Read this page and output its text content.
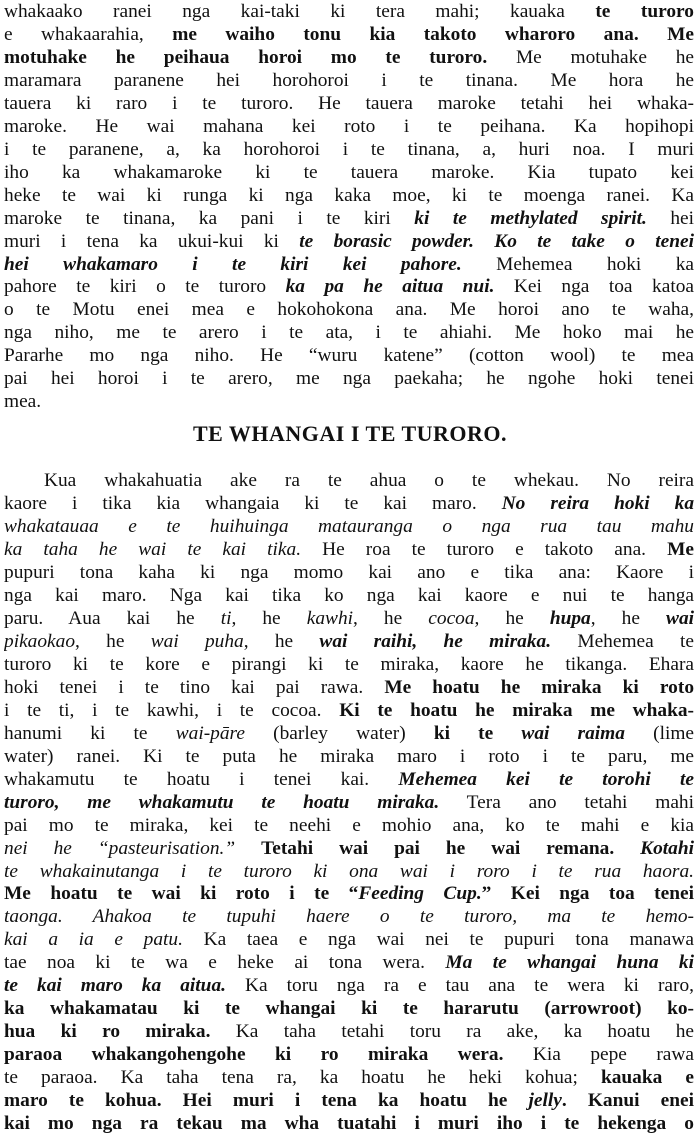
whakaako ranei nga kai-taki ki tera mahi; kauaka te turoro
e whakaarahia, me waiho tonu kia takoto wharoro ana. Me
motuhake he peihaua horoi mo te turoro. Me motuhake he
maramara paranene hei horohoroi i te tinana. Me hora he
tauera ki raro i te turoro. He tauera maroke tetahi hei whaka-
maroke. He wai mahana kei roto i te peihana. Ka hopihopi
i te paranene, a, ka horohoroi i te tinana, a, huri noa. I muri
iho ka whakamaroke ki te tauera maroke. Kia tupato kei
heke te wai ki runga ki nga kaka moe, ki te moenga ranei. Ka
maroke te tinana, ka pani i te kiri ki te methylated spirit. hei
muri i tena ka ukui-kui ki te borasic powder. Ko te take o tenei
hei whakamaro i te kiri kei pahore. Mehemea hoki ka
pahore te kiri o te turoro ka pa he aitua nui. Kei nga toa katoa
o te Motu enei mea e hokohokona ana. Me horoi ano te waha,
nga niho, me te arero i te ata, i te ahiahi. Me hoko mai he
Pararhe mo nga niho. He “wuru katene” (cotton wool) te mea
pai hei horoi i te arero, me nga paekaha; he ngohe hoki tenei
mea.
TE WHANGAI I TE TURORO.
Kua whakahuatia ake ra te ahua o te whekau. No reira
kaore i tika kia whangaia ki te kai maro. No reira hoki ka
whakatauaa e te huihuinga matauranga o nga rua tau mahu
ka taha he wai te kai tika. He roa te turoro e takoto ana. Me
pupuri tona kaha ki nga momo kai ano e tika ana: Kaore i
nga kai maro. Nga kai tika ko nga kai kaore e nui te hanga
paru. Aua kai he ti, he kawhi, he cocoa, he hupa, he wai
pikaokao, he wai puha, he wai raihi, he miraka. Mehemea te
turoro ki te kore e pirangi ki te miraka, kaore he tikanga. Ehara
hoki tenei i te tino kai pai rawa. Me hoatu he miraka ki roto
i te ti, i te kawhi, i te cocoa. Ki te hoatu he miraka me whaka-
hanumi ki te wai-pāre (barley water) ki te wai raima (lime
water) ranei. Ki te puta he miraka maro i roto i te paru, me
whakamutu te hoatu i tenei kai. Mehemea kei te torohi te
turoro, me whakamutu te hoatu miraka. Tera ano tetahi mahi
pai mo te miraka, kei te neehi e mohio ana, ko te mahi e kia
nei he “pasteurisation.” Tetahi wai pai he wai remana. Kotahi
te whakainutanga i te turoro ki ona wai i roro i te rua haora.
Me hoatu te wai ki roto i te “Feeding Cup.” Kei nga toa tenei
taonga. Ahakoa te tupuhi haere o te turoro, ma te hemo-
kai a ia e patu. Ka taea e nga wai nei te pupuri tona manawa
tae noa ki te wa e heke ai tona wera. Ma te whangai huna ki
te kai maro ka aitua. Ka toru nga ra e tau ana te wera ki raro,
ka whakamatau ki te whangai ki te hararutu (arrowroot) ko-
hua ki ro miraka. Ka taha tetahi toru ra ake, ka hoatu he
paraoa whakangohengohe ki ro miraka wera. Kia pepe rawa
te paraoa. Ka taha tena ra, ka hoatu he heki kohua; kauaka e
maro te kohua. Hei muri i tena ka hoatu he jelly. Kanui enei
kai mo nga ra tekau ma wha tuatahi i muri iho i te hekenga o
